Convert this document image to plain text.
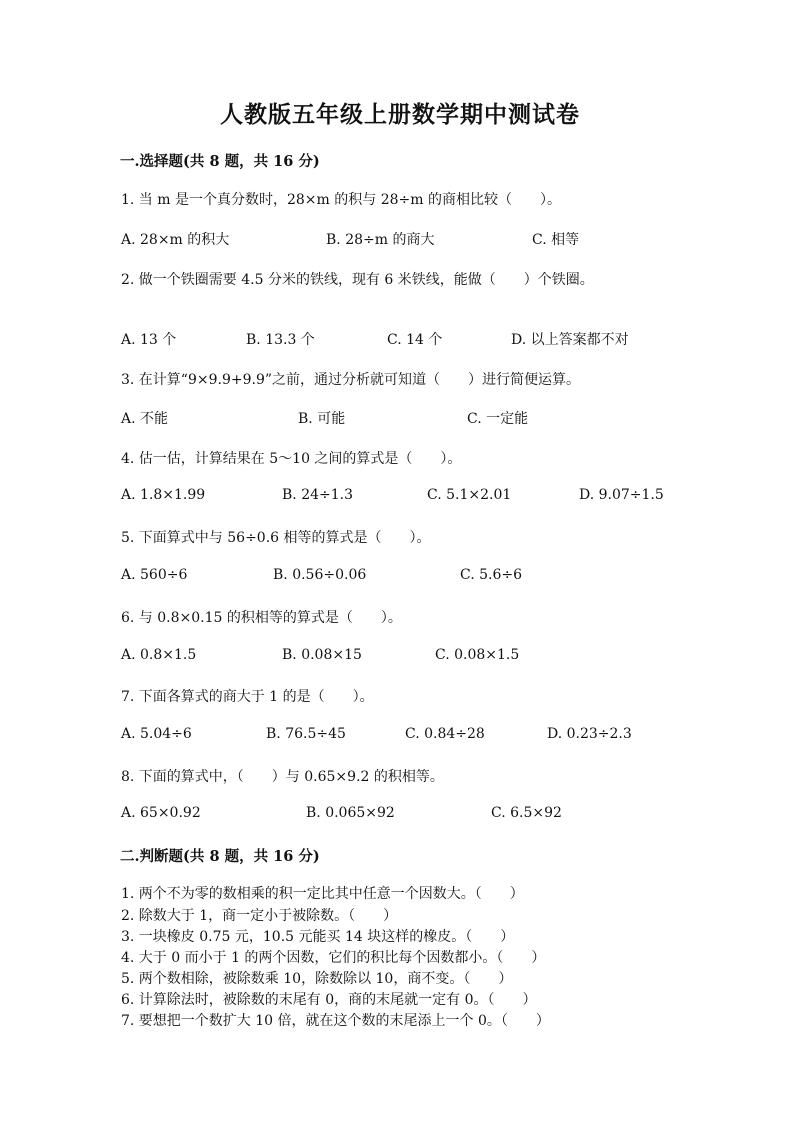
人教版五年级上册数学期中测试卷
一.选择题(共 8 题，共 16 分)
1. 当 m 是一个真分数时，28×m 的积与 28÷m 的商相比较（　　）。
A. 28×m 的积大	B. 28÷m 的商大	C. 相等
2. 做一个铁圈需要 4.5 分米的铁线，现有 6 米铁线，能做（　　）个铁圈。
A. 13 个	B. 13.3 个	C. 14 个	D. 以上答案都不对
3. 在计算“9×9.9+9.9”之前，通过分析就可知道（　　）进行简便运算。
A. 不能	B. 可能	C. 一定能
4. 估一估，计算结果在 5～10 之间的算式是（　　）。
A. 1.8×1.99	B. 24÷1.3	C. 5.1×2.01	D. 9.07÷1.5
5. 下面算式中与 56÷0.6 相等的算式是（　　）。
A. 560÷6	B. 0.56÷0.06	C. 5.6÷6
6. 与 0.8×0.15 的积相等的算式是（　　）。
A. 0.8×1.5	B. 0.08×15	C. 0.08×1.5
7. 下面各算式的商大于 1 的是（　　）。
A. 5.04÷6	B. 76.5÷45	C. 0.84÷28	D. 0.23÷2.3
8. 下面的算式中，（　　）与 0.65×9.2 的积相等。
A. 65×0.92	B. 0.065×92	C. 6.5×92
二.判断题(共 8 题，共 16 分)
1. 两个不为零的数相乘的积一定比其中任意一个因数大。（　　）
2. 除数大于 1，商一定小于被除数。（　　）
3. 一块橡皮 0.75 元，10.5 元能买 14 块这样的橡皮。（　　）
4. 大于 0 而小于 1 的两个因数，它们的积比每个因数都小。（　　）
5. 两个数相除，被除数乘 10，除数除以 10，商不变。（　　）
6. 计算除法时，被除数的末尾有 0，商的末尾就一定有 0。（　　）
7. 要想把一个数扩大 10 倍，就在这个数的末尾添上一个 0。（　　）
